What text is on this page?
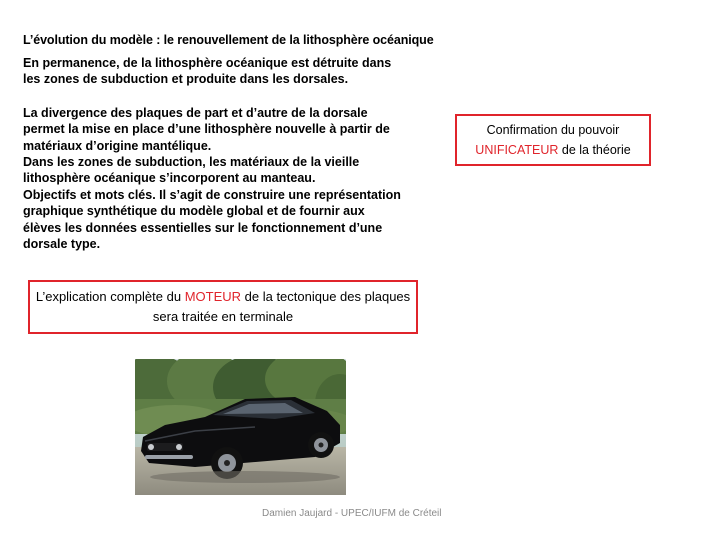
L’évolution du modèle : le renouvellement de la lithosphère océanique

En permanence, de la lithosphère océanique est détruite dans les zones de subduction et produite dans les dorsales.

La divergence des plaques de part et d’autre de la dorsale permet la mise en place d’une lithosphère nouvelle à partir de matériaux d’origine mantélique.

Dans les zones de subduction, les matériaux de la vieille lithosphère océanique s’incorporent au manteau.

Objectifs et mots clés. Il s’agit de construire une représentation graphique synthétique du modèle global et de fournir aux élèves les données essentielles sur le fonctionnement d’une dorsale type.

Confirmation du pouvoir
UNIFICATEUR de la théorie
L’explication complète du MOTEUR de la tectonique des plaques sera traitée en terminale
Damien Jaujard - UPEC/IUFM de Créteil
